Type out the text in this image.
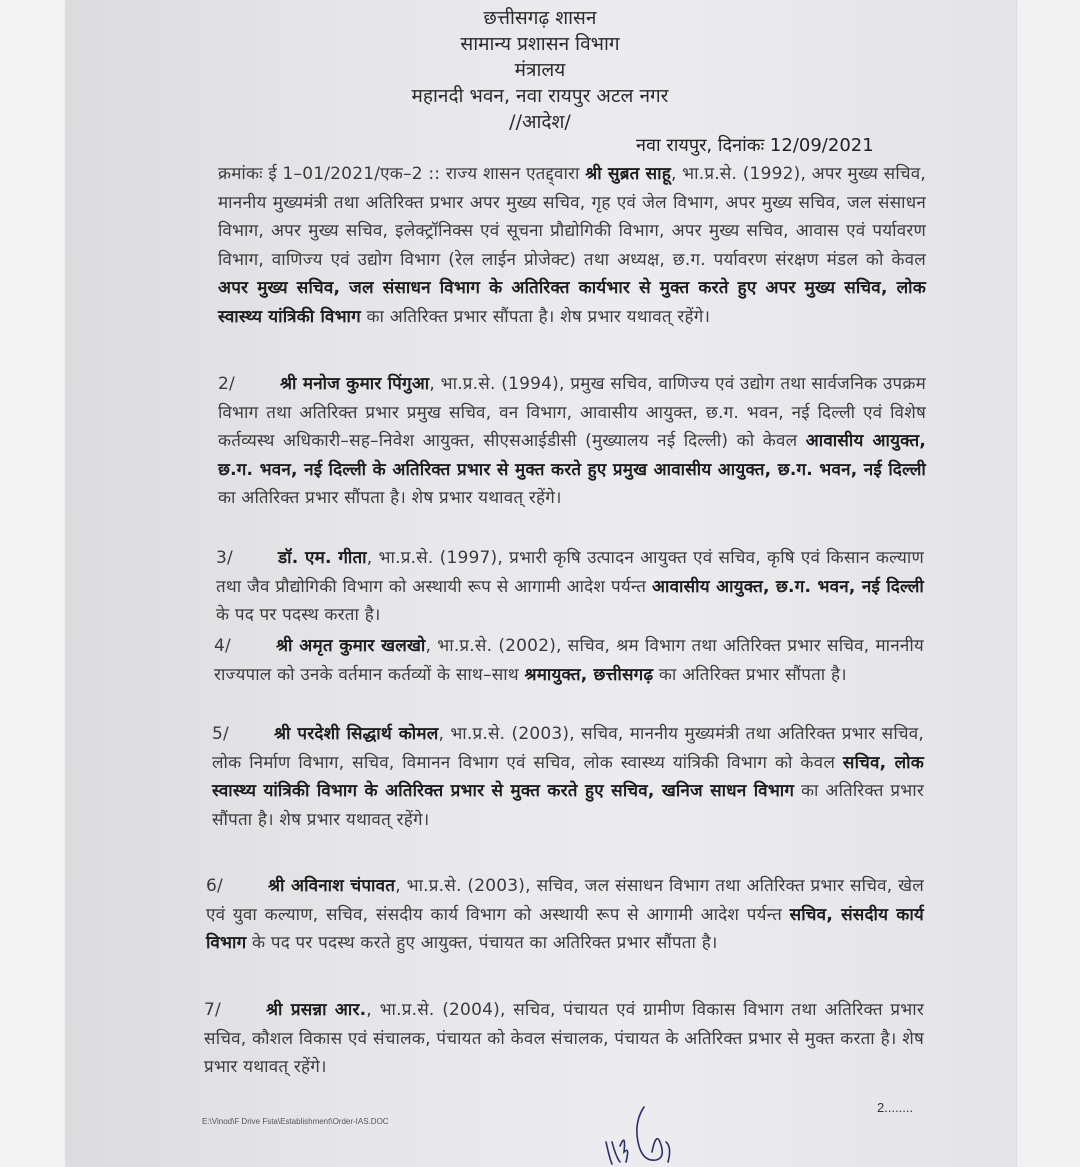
छत्तीसगढ़ शासन
सामान्य प्रशासन विभाग
मंत्रालय
महानदी भवन, नवा रायपुर अटल नगर
//आदेश/
नवा रायपुर, दिनांकः 12/09/2021
क्रमांकः ई 1–01/2021/एक–2 :: राज्य शासन एतद्द्वारा श्री सुब्रत साहू, भा.प्र.से. (1992), अपर मुख्य सचिव, माननीय मुख्यमंत्री तथा अतिरिक्त प्रभार अपर मुख्य सचिव, गृह एवं जेल विभाग, अपर मुख्य सचिव, जल संसाधन विभाग, अपर मुख्य सचिव, इलेक्ट्रॉनिक्स एवं सूचना प्रौद्योगिकी विभाग, अपर मुख्य सचिव, आवास एवं पर्यावरण विभाग, वाणिज्य एवं उद्योग विभाग (रेल लाईन प्रोजेक्ट) तथा अध्यक्ष, छ.ग. पर्यावरण संरक्षण मंडल को केवल अपर मुख्य सचिव, जल संसाधन विभाग के अतिरिक्त कार्यभार से मुक्त करते हुए अपर मुख्य सचिव, लोक स्वास्थ्य यांत्रिकी विभाग का अतिरिक्त प्रभार सौंपता है। शेष प्रभार यथावत् रहेंगे।
2/	श्री मनोज कुमार पिंगुआ, भा.प्र.से. (1994), प्रमुख सचिव, वाणिज्य एवं उद्योग तथा सार्वजनिक उपक्रम विभाग तथा अतिरिक्त प्रभार प्रमुख सचिव, वन विभाग, आवासीय आयुक्त, छ.ग. भवन, नई दिल्ली एवं विशेष कर्तव्यस्थ अधिकारी–सह–निवेश आयुक्त, सीएसआईडीसी (मुख्यालय नई दिल्ली) को केवल आवासीय आयुक्त, छ.ग. भवन, नई दिल्ली के अतिरिक्त प्रभार से मुक्त करते हुए प्रमुख आवासीय आयुक्त, छ.ग. भवन, नई दिल्ली का अतिरिक्त प्रभार सौंपता है। शेष प्रभार यथावत् रहेंगे।
3/	डॉ. एम. गीता, भा.प्र.से. (1997), प्रभारी कृषि उत्पादन आयुक्त एवं सचिव, कृषि एवं किसान कल्याण तथा जैव प्रौद्योगिकी विभाग को अस्थायी रूप से आगामी आदेश पर्यन्त आवासीय आयुक्त, छ.ग. भवन, नई दिल्ली के पद पर पदस्थ करता है।
4/	श्री अमृत कुमार खलखो, भा.प्र.से. (2002), सचिव, श्रम विभाग तथा अतिरिक्त प्रभार सचिव, माननीय राज्यपाल को उनके वर्तमान कर्तव्यों के साथ–साथ श्रमायुक्त, छत्तीसगढ़ का अतिरिक्त प्रभार सौंपता है।
5/	श्री परदेशी सिद्धार्थ कोमल, भा.प्र.से. (2003), सचिव, माननीय मुख्यमंत्री तथा अतिरिक्त प्रभार सचिव, लोक निर्माण विभाग, सचिव, विमानन विभाग एवं सचिव, लोक स्वास्थ्य यांत्रिकी विभाग को केवल सचिव, लोक स्वास्थ्य यांत्रिकी विभाग के अतिरिक्त प्रभार से मुक्त करते हुए सचिव, खनिज साधन विभाग का अतिरिक्त प्रभार सौंपता है। शेष प्रभार यथावत् रहेंगे।
6/	श्री अविनाश चंपावत, भा.प्र.से. (2003), सचिव, जल संसाधन विभाग तथा अतिरिक्त प्रभार सचिव, खेल एवं युवा कल्याण, सचिव, संसदीय कार्य विभाग को अस्थायी रूप से आगामी आदेश पर्यन्त सचिव, संसदीय कार्य विभाग के पद पर पदस्थ करते हुए आयुक्त, पंचायत का अतिरिक्त प्रभार सौंपता है।
7/	श्री प्रसन्ना आर., भा.प्र.से. (2004), सचिव, पंचायत एवं ग्रामीण विकास विभाग तथा अतिरिक्त प्रभार सचिव, कौशल विकास एवं संचालक, पंचायत को केवल संचालक, पंचायत के अतिरिक्त प्रभार से मुक्त करता है। शेष प्रभार यथावत् रहेंगे।
2........
E:\Vinod\F Drive Fsta\Establishment\Order-IAS.DOC
